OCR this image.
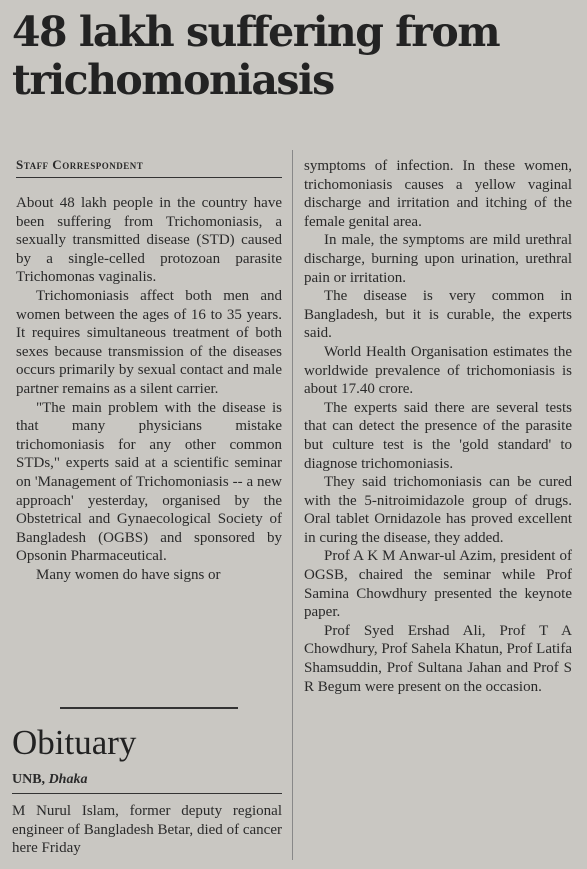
48 lakh suffering from trichomoniasis
Staff Correspondent

About 48 lakh people in the country have been suffering from Trichomoniasis, a sexually transmitted disease (STD) caused by a single-celled protozoan parasite Trichomonas vaginalis.

Trichomoniasis affect both men and women between the ages of 16 to 35 years. It requires simultaneous treatment of both sexes because transmission of the diseases occurs primarily by sexual contact and male partner remains as a silent carrier.

"The main problem with the disease is that many physicians mistake trichomoniasis for any other common STDs," experts said at a scientific seminar on 'Management of Trichomoniasis -- a new approach' yesterday, organised by the Obstetrical and Gynaecological Society of Bangladesh (OGBS) and sponsored by Opsonin Pharmaceutical.

Many women do have signs or

Obituary
UNB, Dhaka

M Nurul Islam, former deputy regional engineer of Bangladesh Betar, died of cancer here Friday

symptoms of infection. In these women, trichomoniasis causes a yellow vaginal discharge and irritation and itching of the female genital area.

In male, the symptoms are mild urethral discharge, burning upon urination, urethral pain or irritation.

The disease is very common in Bangladesh, but it is curable, the experts said.

World Health Organisation estimates the worldwide prevalence of trichomoniasis is about 17.40 crore.

The experts said there are several tests that can detect the presence of the parasite but culture test is the 'gold standard' to diagnose trichomoniasis.

They said trichomoniasis can be cured with the 5-nitroimidazole group of drugs. Oral tablet Ornidazole has proved excellent in curing the disease, they added.

Prof A K M Anwar-ul Azim, president of OGSB, chaired the seminar while Prof Samina Chowdhury presented the keynote paper.

Prof Syed Ershad Ali, Prof T A Chowdhury, Prof Sahela Khatun, Prof Latifa Shamsuddin, Prof Sultana Jahan and Prof S R Begum were present on the occasion.
